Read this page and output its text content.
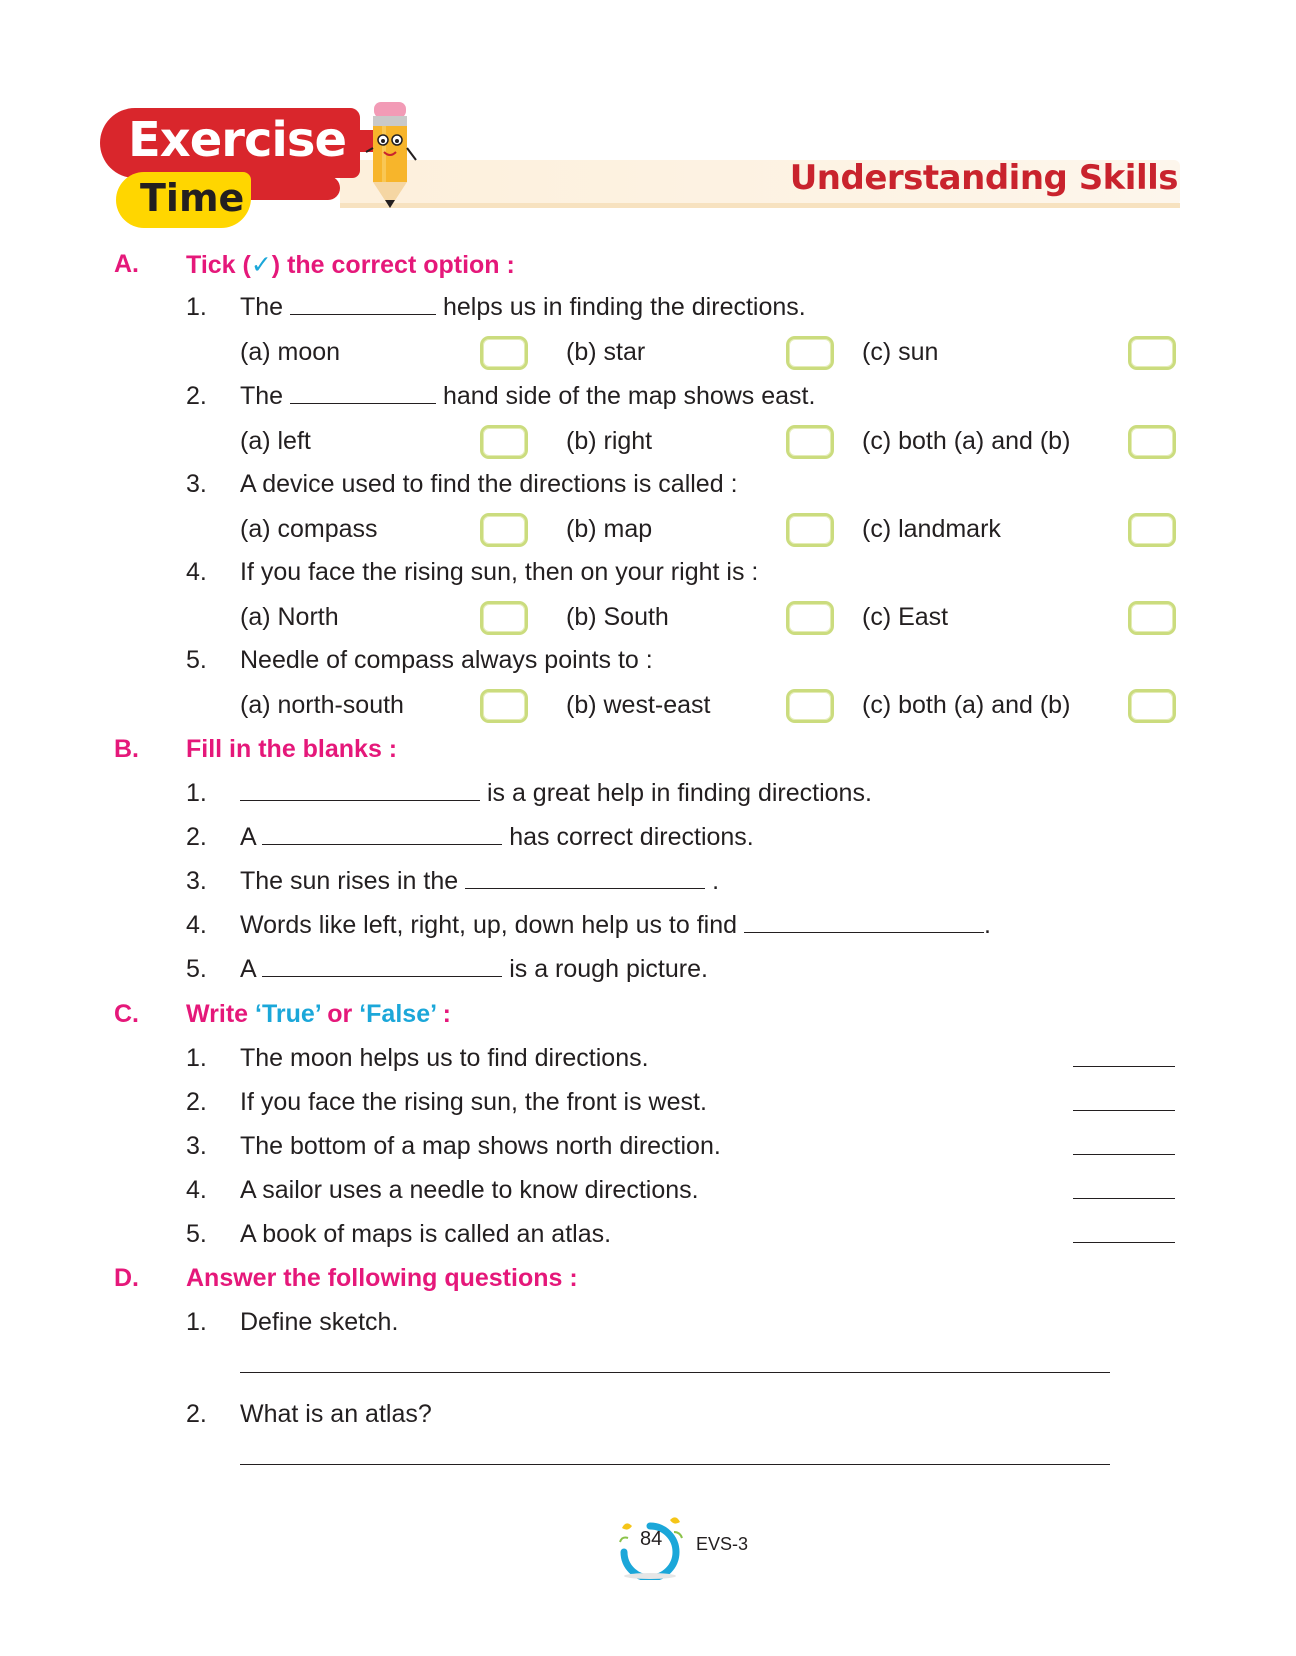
Exercise
Time	Understanding Skills
A. Tick (✓) the correct option :
1. The	helps us in finding the directions.
(a) moon	(b) star	(c) sun
2. The	hand side of the map shows east.
(a) left	(b) right	(c) both (a) and (b)
3. A device used to find the directions is called :
(a) compass	(b) map	(c) landmark
4. If you face the rising sun, then on your right is :
(a) North	(b) South	(c) East
5. Needle of compass always points to :
(a) north-south	(b) west-east	(c) both (a) and (b)
B. Fill in the blanks :
1.	is a great help in finding directions.
2. A	has correct directions.
3. The sun rises in the	.
4. Words like left, right, up, down help us to find	.
5. A	is a rough picture.
C. Write ‘True’ or ‘False’ :
1. The moon helps us to find directions.
2. If you face the rising sun, the front is west.
3. The bottom of a map shows north direction.
4. A sailor uses a needle to know directions.
5. A book of maps is called an atlas.
D. Answer the following questions :
1. Define sketch.
2. What is an atlas?
84 EVS-3
